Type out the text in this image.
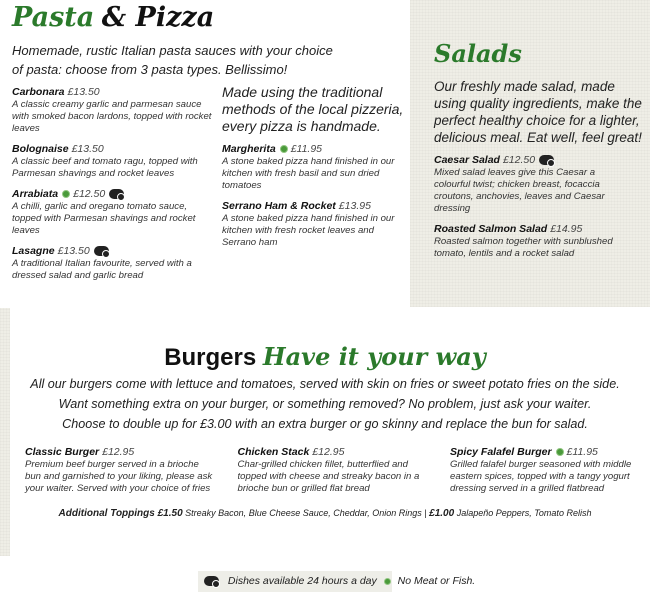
Pasta & Pizza
Homemade, rustic Italian pasta sauces with your choice of pasta: choose from 3 pasta types. Bellissimo!
Carbonara £13.50
A classic creamy garlic and parmesan sauce with smoked bacon lardons, topped with rocket leaves
Bolognaise £13.50
A classic beef and tomato ragu, topped with Parmesan shavings and rocket leaves
Arrabiata £12.50
A chilli, garlic and oregano tomato sauce, topped with Parmesan shavings and rocket leaves
Lasagne £13.50
A traditional Italian favourite, served with a dressed salad and garlic bread
Made using the traditional methods of the local pizzeria, every pizza is handmade.
Margherita £11.95
A stone baked pizza hand finished in our kitchen with fresh basil and sun dried tomatoes
Serrano Ham & Rocket £13.95
A stone baked pizza hand finished in our kitchen with fresh rocket leaves and Serrano ham
Salads
Our freshly made salad, made using quality ingredients, make the perfect healthy choice for a lighter, delicious meal. Eat well, feel great!
Caesar Salad £12.50
Mixed salad leaves give this Caesar a colourful twist; chicken breast, focaccia croutons, anchovies, leaves and Caesar dressing
Roasted Salmon Salad £14.95
Roasted salmon together with sunblushed tomato, lentils and a rocket salad
Burgers Have it your way
All our burgers come with lettuce and tomatoes, served with skin on fries or sweet potato fries on the side.
Want something extra on your burger, or something removed? No problem, just ask your waiter.
Choose to double up for £3.00 with an extra burger or go skinny and replace the bun for salad.
Classic Burger £12.95
Premium beef burger served in a brioche bun and garnished to your liking, please ask your waiter. Served with your choice of fries
Chicken Stack £12.95
Char-grilled chicken fillet, butterflied and topped with cheese and streaky bacon in a brioche bun or grilled flat bread
Spicy Falafel Burger £11.95
Grilled falafel burger seasoned with middle eastern spices, topped with a tangy yogurt dressing served in a grilled flatbread
Additional Toppings £1.50 Streaky Bacon, Blue Cheese Sauce, Cheddar, Onion Rings | £1.00 Jalapeño Peppers, Tomato Relish
Dishes available 24 hours a day No Meat or Fish.
